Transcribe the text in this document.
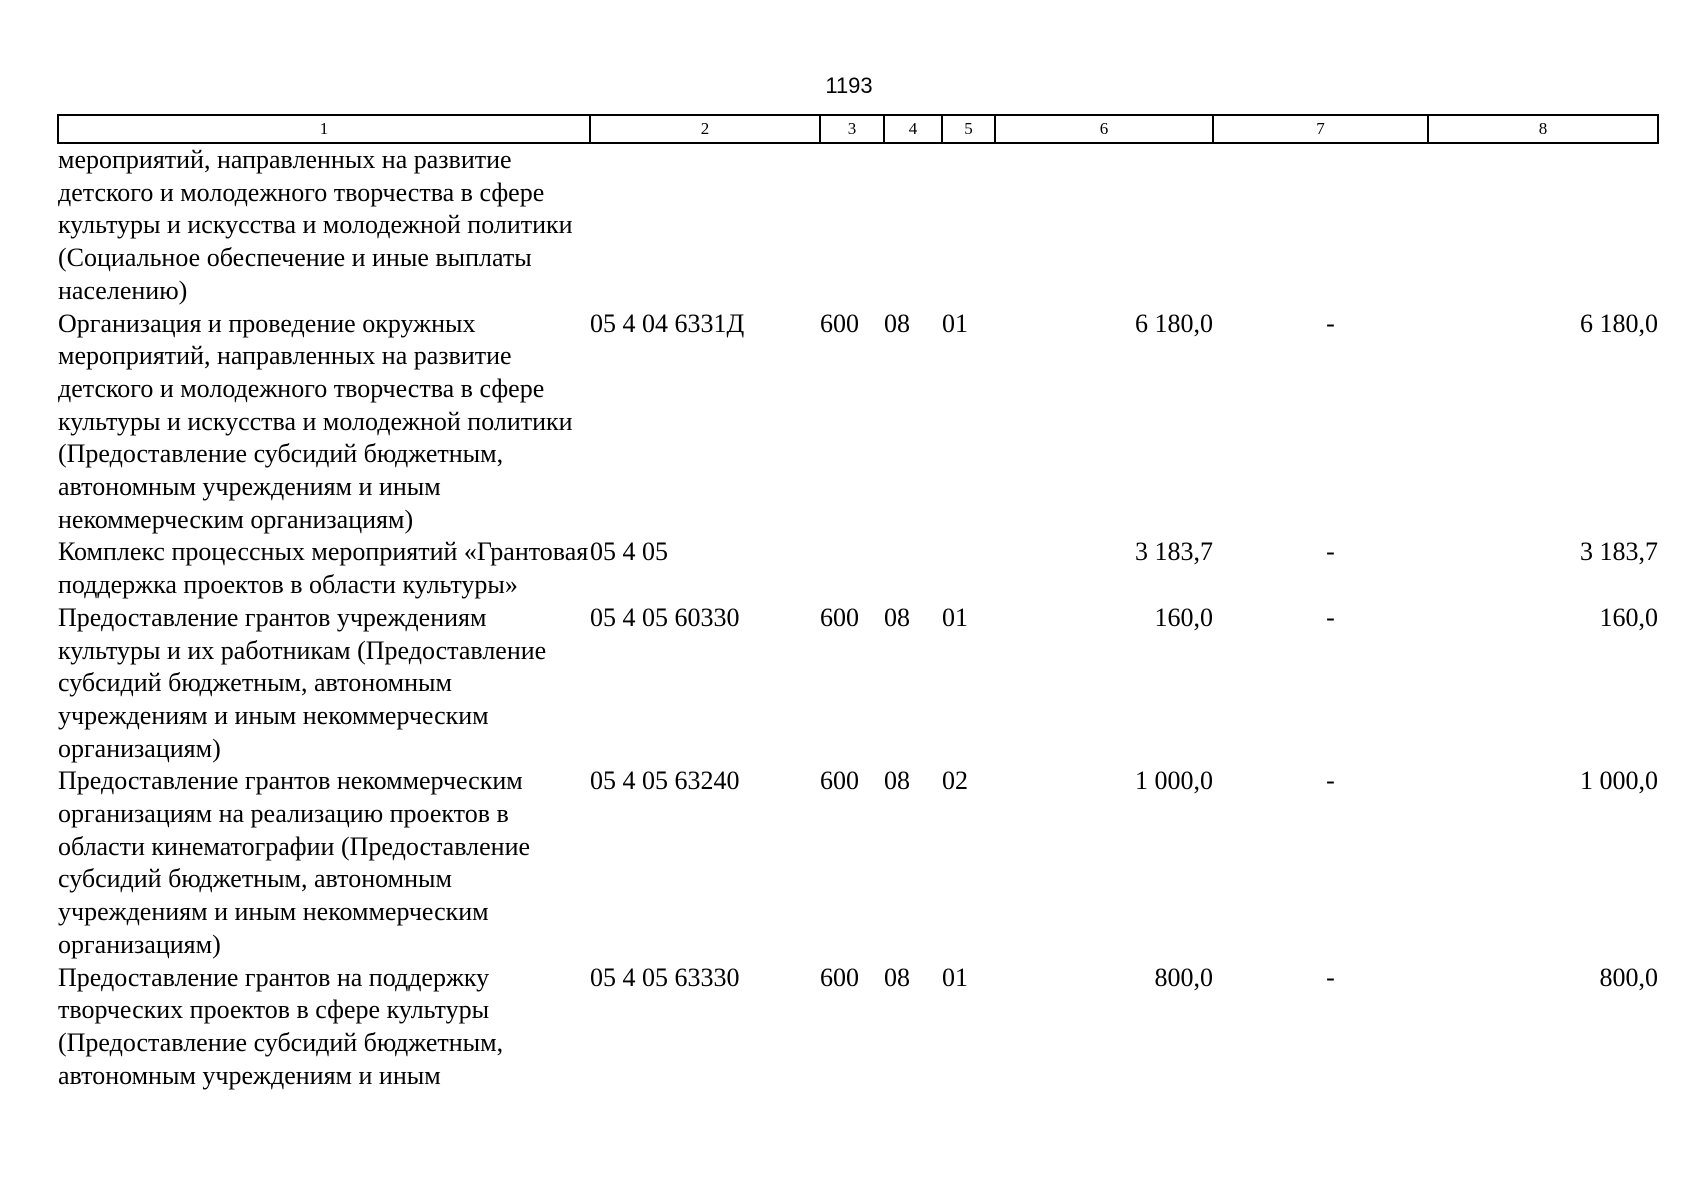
1193
1	2	3	4	5	6	7	8
мероприятий, направленных на развитие детского и молодежного творчества в сфере культуры и искусства и молодежной политики (Социальное обеспечение и иные выплаты населению)							
Организация и проведение окружных мероприятий, направленных на развитие детского и молодежного творчества в сфере культуры и искусства и молодежной политики (Предоставление субсидий бюджетным, автономным учреждениям и иным некоммерческим организациям)	05 4 04 6331Д	600	08	01	6 180,0	-	6 180,0
Комплекс процессных мероприятий «Грантовая поддержка проектов в области культуры»	05 4 05				3 183,7	-	3 183,7
Предоставление грантов учреждениям культуры и их работникам (Предоставление субсидий бюджетным, автономным учреждениям и иным некоммерческим организациям)	05 4 05 60330	600	08	01	160,0	-	160,0
Предоставление грантов некоммерческим организациям на реализацию проектов в области кинематографии (Предоставление субсидий бюджетным, автономным учреждениям и иным некоммерческим организациям)	05 4 05 63240	600	08	02	1 000,0	-	1 000,0
Предоставление грантов на поддержку творческих проектов в сфере культуры (Предоставление субсидий бюджетным, автономным учреждениям и иным	05 4 05 63330	600	08	01	800,0	-	800,0
